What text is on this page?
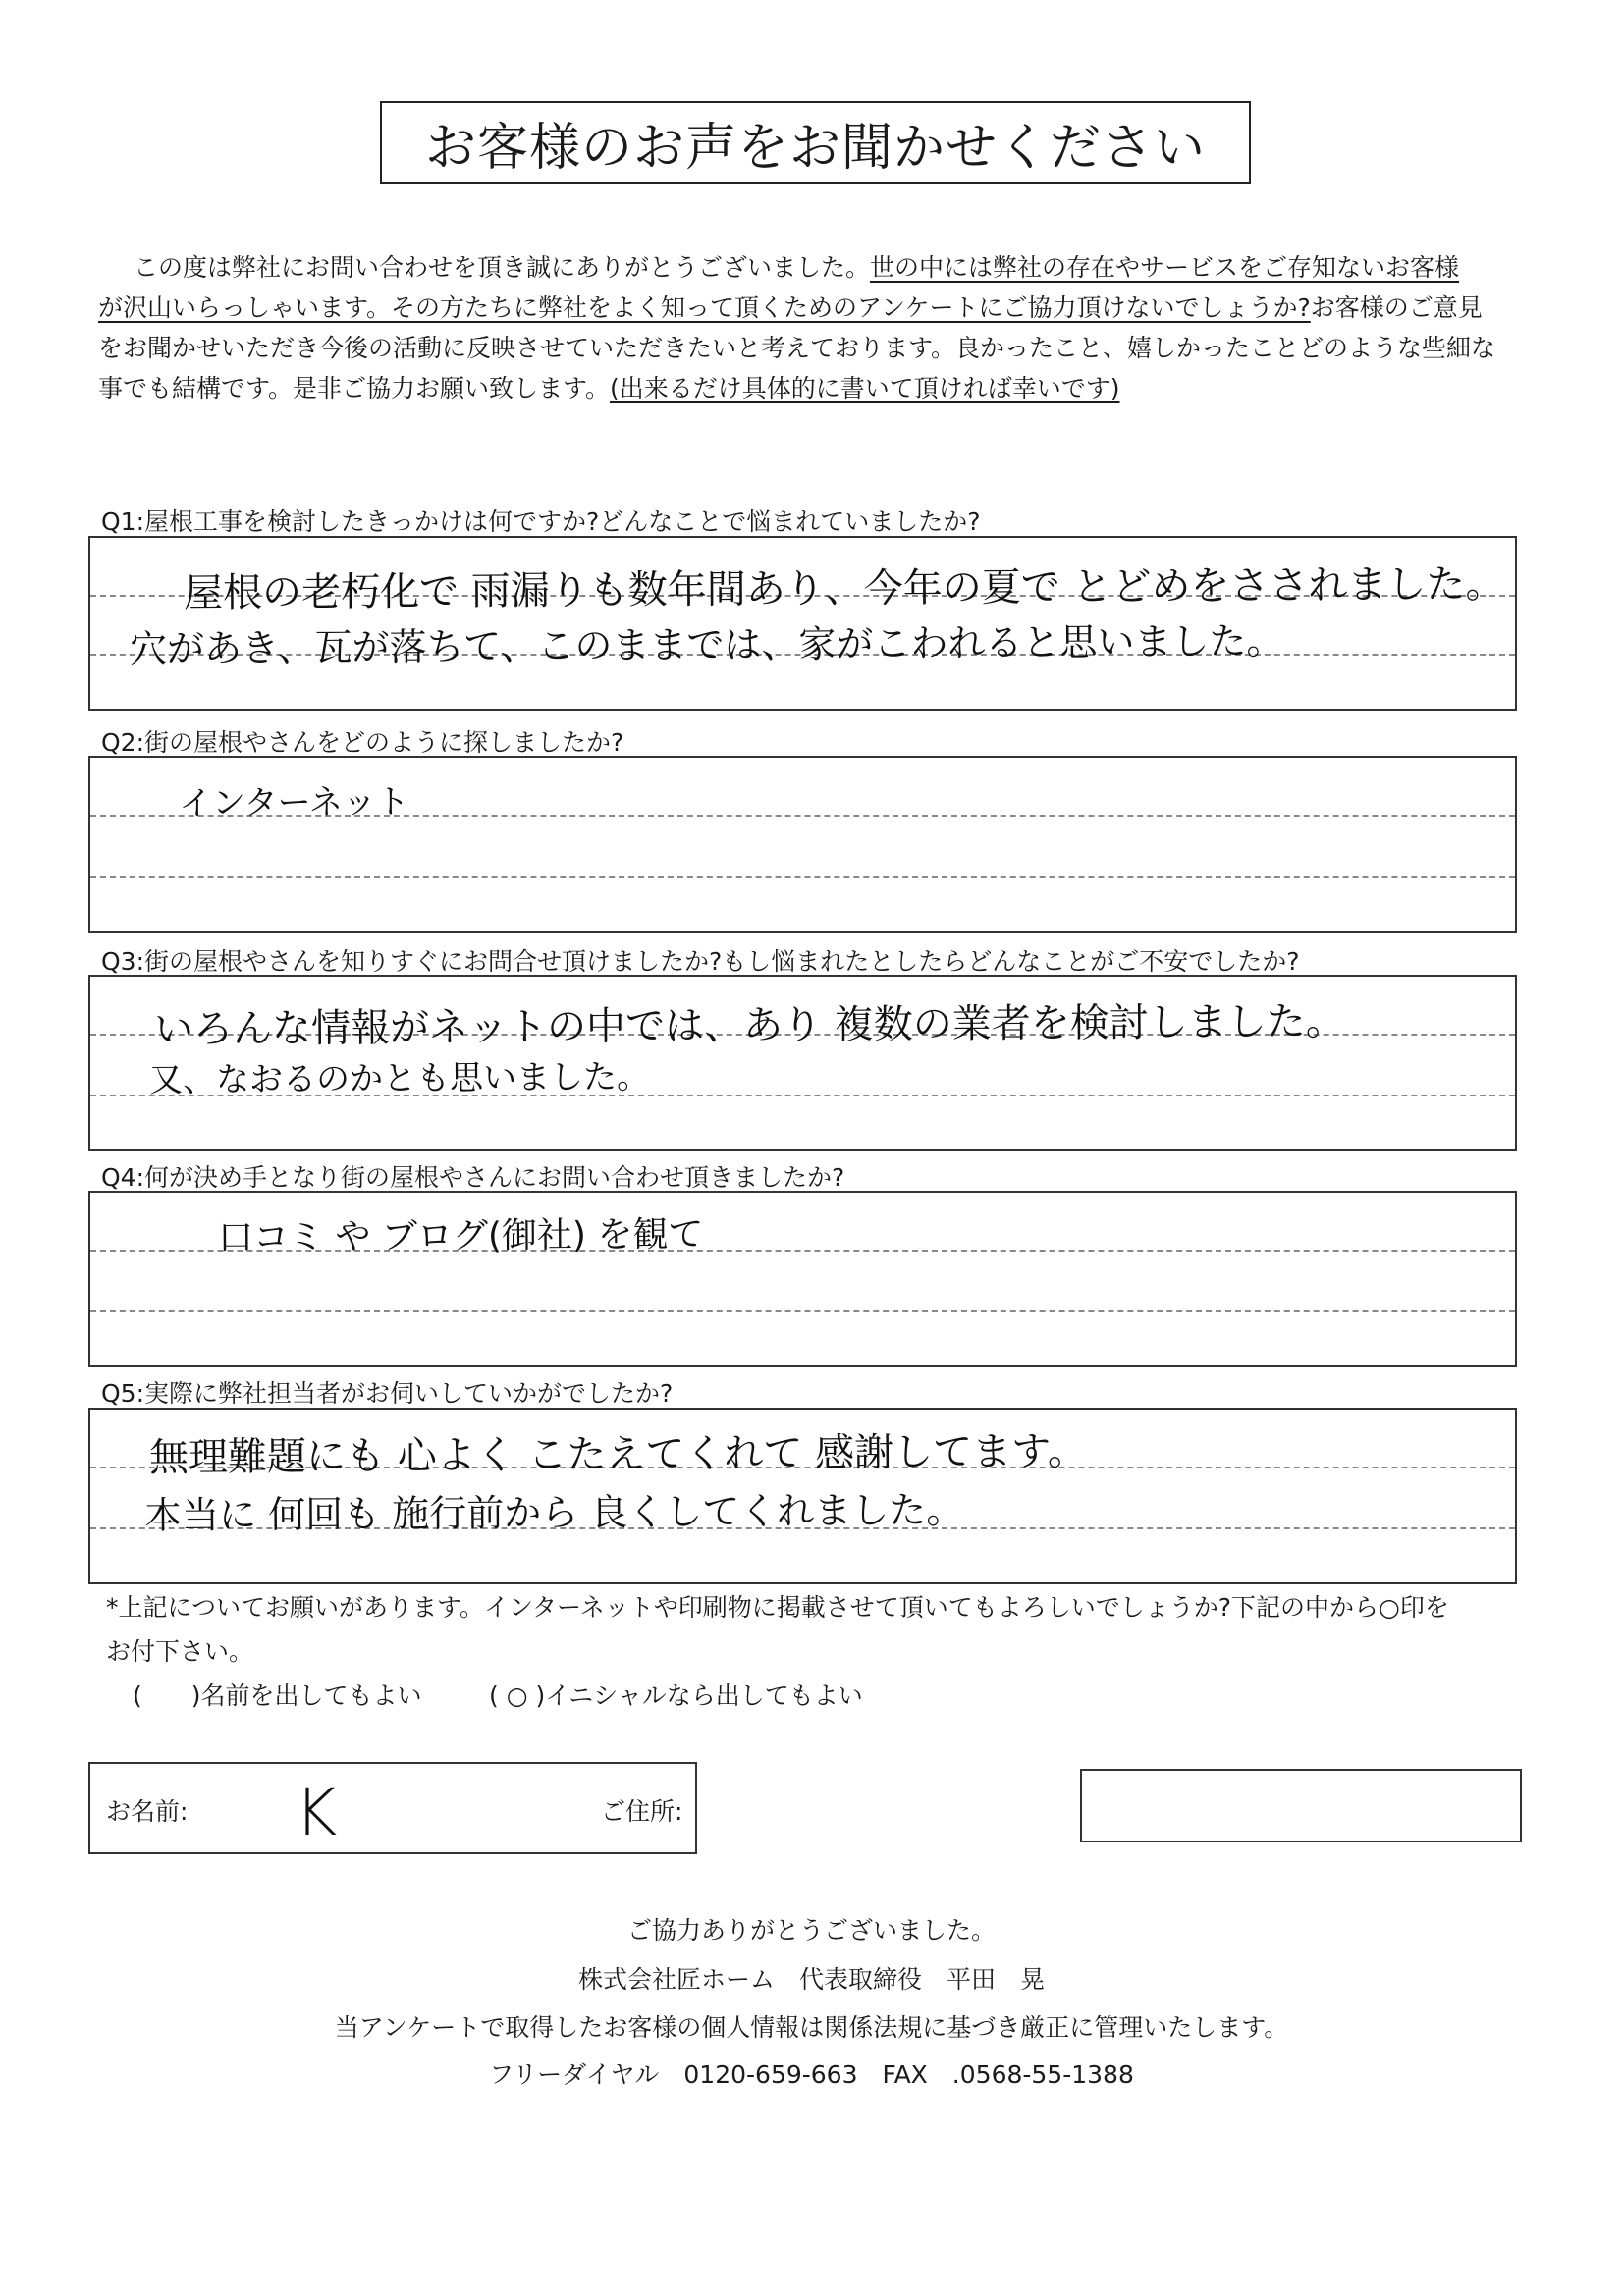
お客様のお声をお聞かせください

この度は弊社にお問い合わせを頂き誠にありがとうございました。世の中には弊社の存在やサービスをご存知ないお客様

が沢山いらっしゃいます。その方たちに弊社をよく知って頂くためのアンケートにご協力頂けないでしょうか?お客様のご意見

をお聞かせいただき今後の活動に反映させていただきたいと考えております。良かったこと、嬉しかったことどのような些細な

事でも結構です。是非ご協力お願い致します。(出来るだけ具体的に書いて頂ければ幸いです)

Q1:屋根工事を検討したきっかけは何ですか?どんなことで悩まれていましたか?
屋根の老朽化で 雨漏りも数年間あり、今年の夏で とどめをさされました。
穴があき、瓦が落ちて、このままでは、家がこわれると思いました。
Q2:街の屋根やさんをどのように探しましたか?
インターネット
Q3:街の屋根やさんを知りすぐにお問合せ頂けましたか?もし悩まれたとしたらどんなことがご不安でしたか?
いろんな情報がネットの中では、あり 複数の業者を検討しました。
又、なおるのかとも思いました。
Q4:何が決め手となり街の屋根やさんにお問い合わせ頂きましたか?
口コミ や ブログ(御社) を観て
Q5:実際に弊社担当者がお伺いしていかがでしたか?
無理難題にも 心よく こたえてくれて 感謝してます。
本当に 何回も 施行前から 良くしてくれました。
*上記についてお願いがあります。インターネットや印刷物に掲載させて頂いてもよろしいでしょうか?下記の中から○印を
お付下さい。
(　　)名前を出してもよい	( ○ )イニシャルなら出してもよい
お名前: K	ご住所:
ご協力ありがとうございました。
株式会社匠ホーム　代表取締役　平田　晃
当アンケートで取得したお客様の個人情報は関係法規に基づき厳正に管理いたします。
フリーダイヤル　0120-659-663　FAX　.0568-55-1388
